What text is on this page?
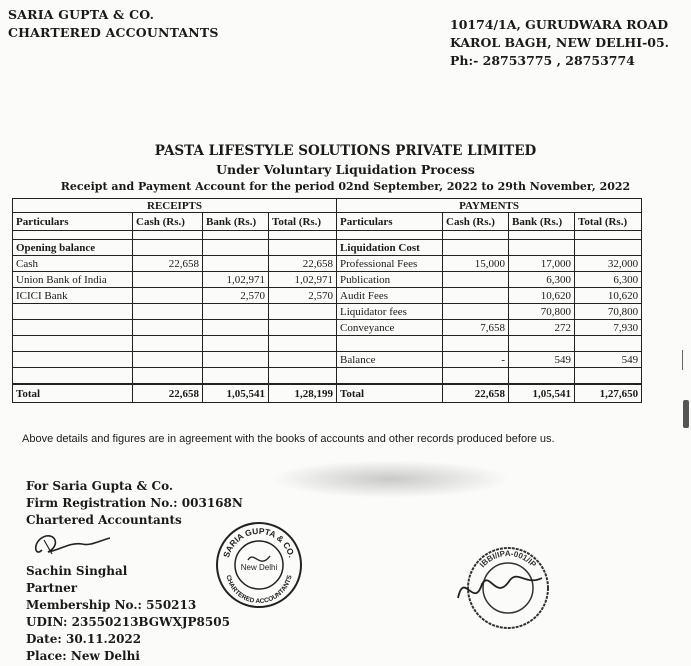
SARIA GUPTA & CO.
CHARTERED ACCOUNTANTS
10174/1A, GURUDWARA ROAD
KAROL BAGH, NEW DELHI-05.
Ph:- 28753775 , 28753774
PASTA LIFESTYLE SOLUTIONS PRIVATE LIMITED
Under Voluntary Liquidation Process
Receipt and Payment Account for the period 02nd September, 2022 to 29th November, 2022
RECEIPTS				PAYMENTS			
Particulars	Cash (Rs.)	Bank (Rs.)	Total (Rs.)	Particulars	Cash (Rs.)	Bank (Rs.)	Total (Rs.)

Opening balance				Liquidation Cost			
Cash	22,658		22,658	Professional Fees	15,000	17,000	32,000
Union Bank of India		1,02,971	1,02,971	Publication		6,300	6,300
ICICI Bank		2,570	2,570	Audit Fees		10,620	10,620
				Liquidator fees		70,800	70,800
				Conveyance	7,658	272	7,930

				Balance	-	549	549

Total	22,658	1,05,541	1,28,199	Total	22,658	1,05,541	1,27,650
Above details and figures are in agreement with the books of accounts and other records produced before us.
For Saria Gupta & Co.
Firm Registration No.: 003168N
Chartered Accountants
Sachin Singhal
Partner
Membership No.: 550213
UDIN: 23550213BGWXJP8505
Date: 30.11.2022
Place: New Delhi
SARIA GUPTA & CO.
CHARTERED ACCOUNTANTS
New Delhi	IBBI/IPA-001/IP
